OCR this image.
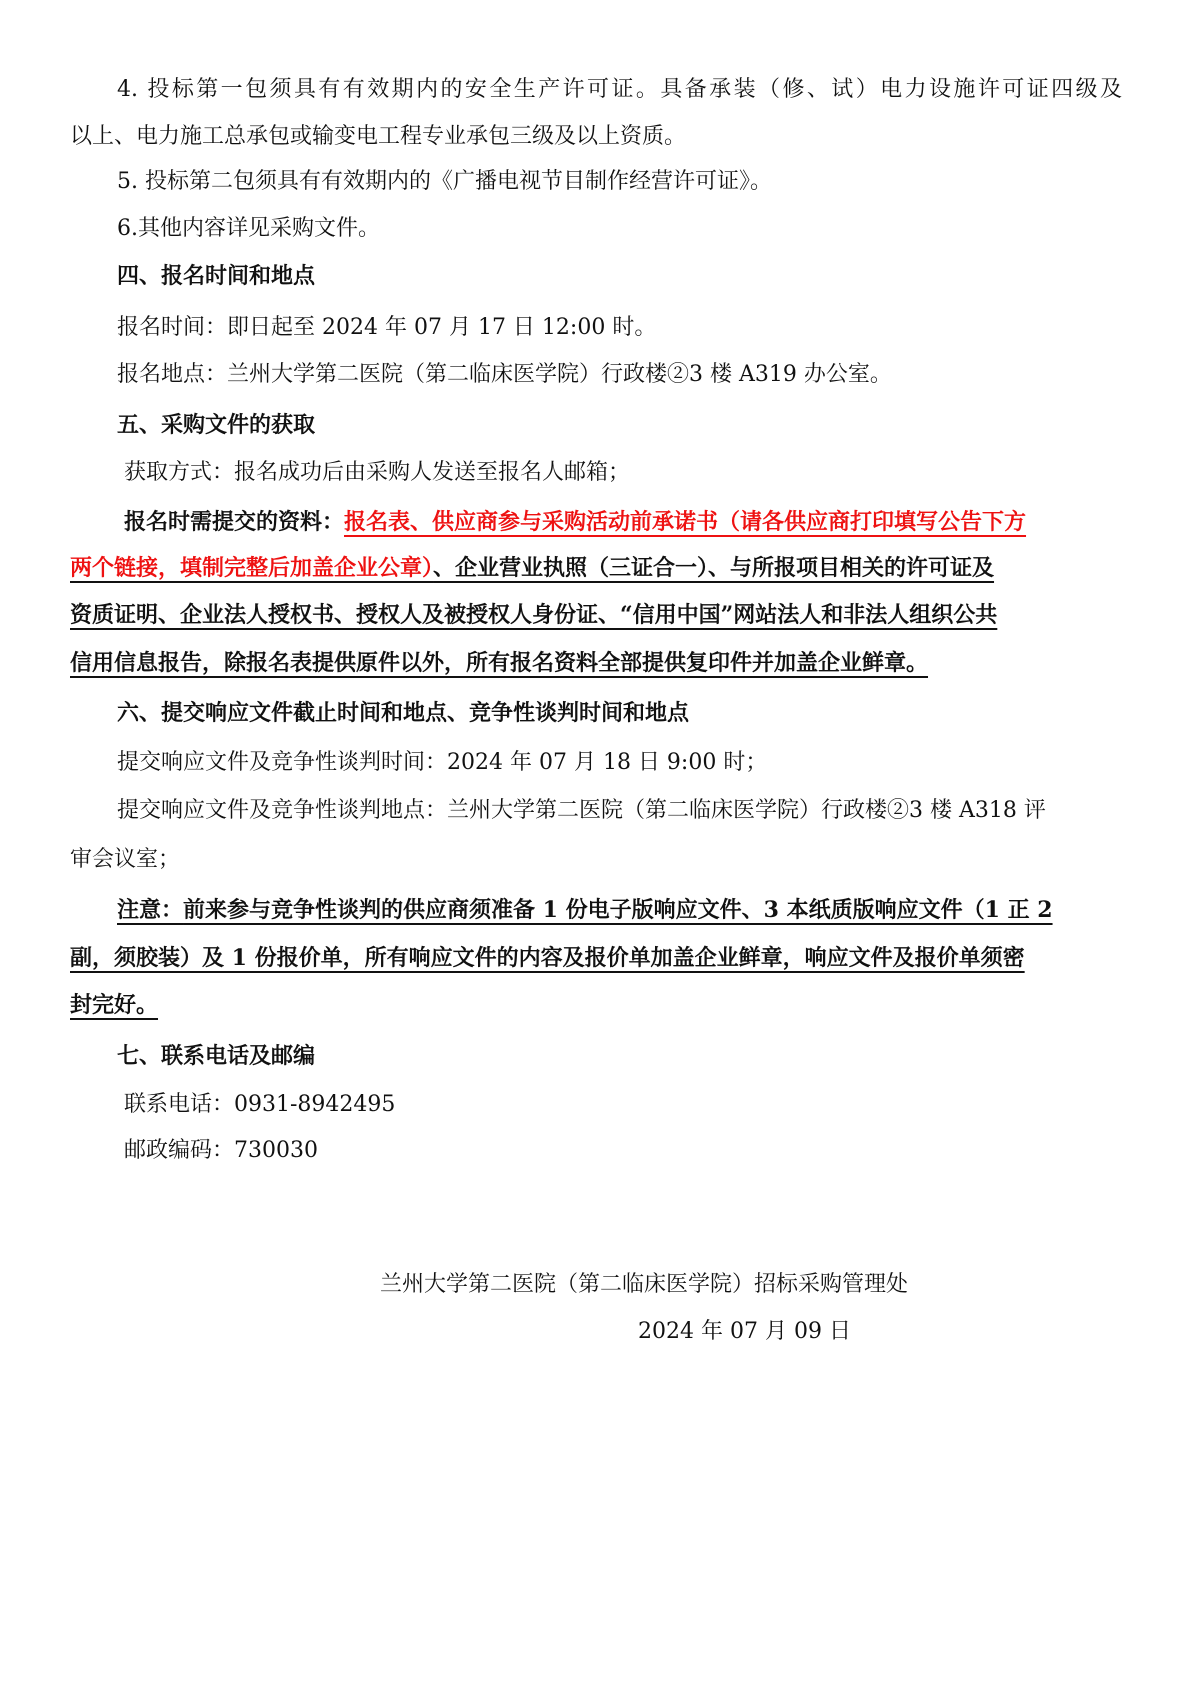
4. 投标第一包须具有有效期内的安全生产许可证。具备承装（修、试）电力设施许可证四级及
以上、电力施工总承包或输变电工程专业承包三级及以上资质。
5. 投标第二包须具有有效期内的《广播电视节目制作经营许可证》。
6.其他内容详见采购文件。
四、报名时间和地点
报名时间：即日起至 2024 年 07 月 17 日 12:00 时。
报名地点：兰州大学第二医院（第二临床医学院）行政楼②3 楼 A319 办公室。
五、采购文件的获取
获取方式：报名成功后由采购人发送至报名人邮箱；
报名时需提交的资料：报名表、供应商参与采购活动前承诺书（请各供应商打印填写公告下方
两个链接，填制完整后加盖企业公章）、企业营业执照（三证合一）、与所报项目相关的许可证及
资质证明、企业法人授权书、授权人及被授权人身份证、“信用中国”网站法人和非法人组织公共
信用信息报告，除报名表提供原件以外，所有报名资料全部提供复印件并加盖企业鲜章。
六、提交响应文件截止时间和地点、竞争性谈判时间和地点
提交响应文件及竞争性谈判时间：2024 年 07 月 18 日 9:00 时；
提交响应文件及竞争性谈判地点：兰州大学第二医院（第二临床医学院）行政楼②3 楼 A318 评
审会议室；
注意：前来参与竞争性谈判的供应商须准备 1 份电子版响应文件、3 本纸质版响应文件（1 正 2
副，须胶装）及 1 份报价单，所有响应文件的内容及报价单加盖企业鲜章，响应文件及报价单须密
封完好。
七、联系电话及邮编
联系电话：0931-8942495
邮政编码：730030
兰州大学第二医院（第二临床医学院）招标采购管理处
2024 年 07 月 09 日
